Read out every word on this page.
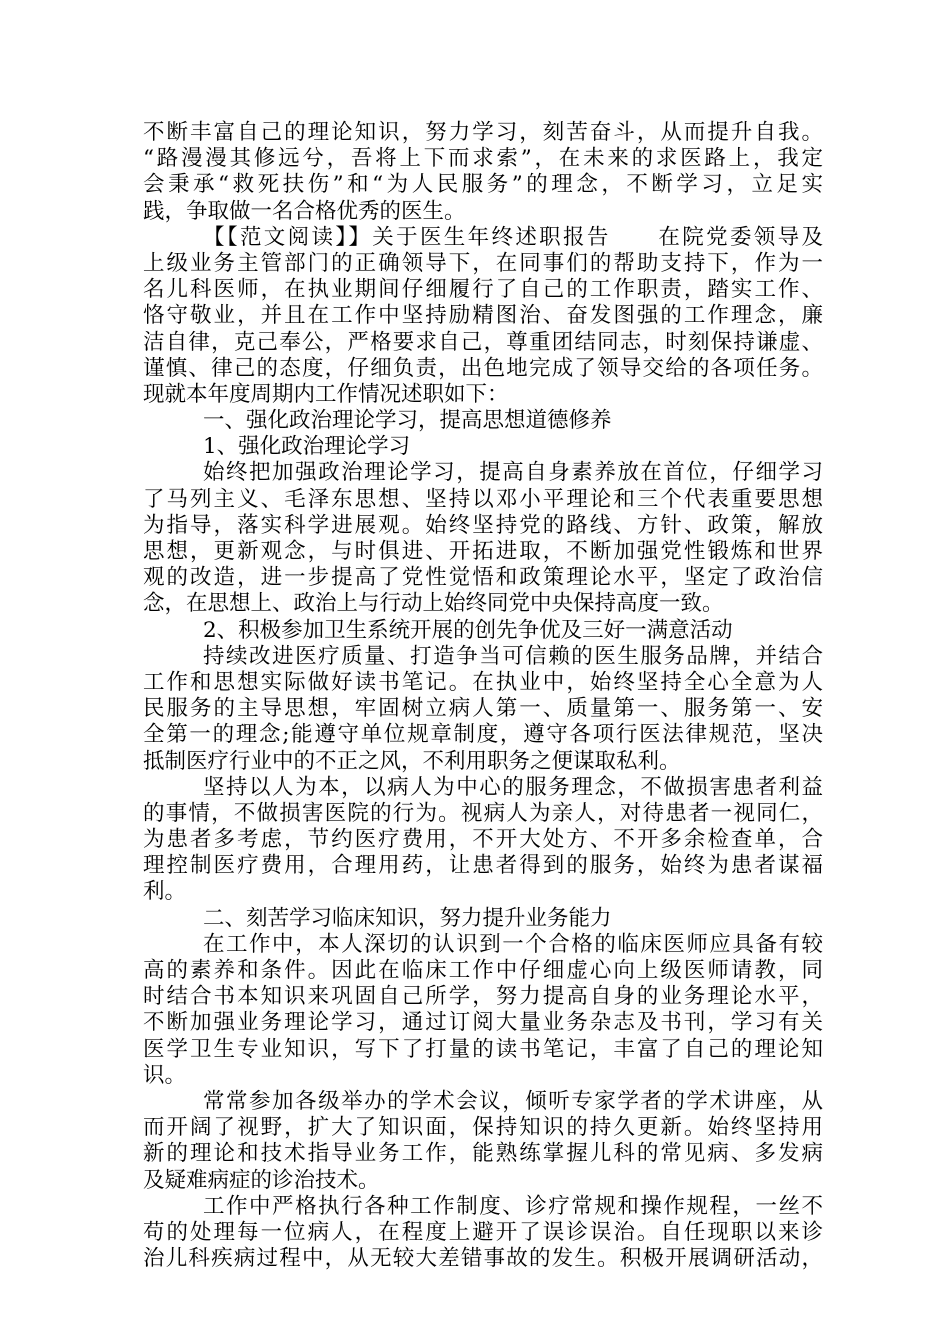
不断丰富自己的理论知识，努力学习，刻苦奋斗，从而提升自我。
“路漫漫其修远兮，吾将上下而求索”，在未来的求医路上，我定
会秉承“救死扶伤”和“为人民服务”的理念，不断学习，立足实
践，争取做一名合格优秀的医生。
【【范文阅读】】关于医生年终述职报告　　在院党委领导及
上级业务主管部门的正确领导下，在同事们的帮助支持下，作为一
名儿科医师，在执业期间仔细履行了自己的工作职责，踏实工作、
恪守敬业，并且在工作中坚持励精图治、奋发图强的工作理念，廉
洁自律，克己奉公，严格要求自己，尊重团结同志，时刻保持谦虚、
谨慎、律己的态度，仔细负责，出色地完成了领导交给的各项任务。
现就本年度周期内工作情况述职如下：
一、强化政治理论学习，提高思想道德修养
1、强化政治理论学习
始终把加强政治理论学习，提高自身素养放在首位，仔细学习
了马列主义、毛泽东思想、坚持以邓小平理论和三个代表重要思想
为指导，落实科学进展观。始终坚持党的路线、方针、政策，解放
思想，更新观念，与时俱进、开拓进取，不断加强党性锻炼和世界
观的改造，进一步提高了党性觉悟和政策理论水平，坚定了政治信
念，在思想上、政治上与行动上始终同党中央保持高度一致。
2、积极参加卫生系统开展的创先争优及三好一满意活动
持续改进医疗质量、打造争当可信赖的医生服务品牌，并结合
工作和思想实际做好读书笔记。在执业中，始终坚持全心全意为人
民服务的主导思想，牢固树立病人第一、质量第一、服务第一、安
全第一的理念;能遵守单位规章制度，遵守各项行医法律规范，坚决
抵制医疗行业中的不正之风，不利用职务之便谋取私利。
坚持以人为本，以病人为中心的服务理念，不做损害患者利益
的事情，不做损害医院的行为。视病人为亲人，对待患者一视同仁，
为患者多考虑，节约医疗费用，不开大处方、不开多余检查单，合
理控制医疗费用，合理用药，让患者得到的服务，始终为患者谋福
利。
二、刻苦学习临床知识，努力提升业务能力
在工作中，本人深切的认识到一个合格的临床医师应具备有较
高的素养和条件。因此在临床工作中仔细虚心向上级医师请教，同
时结合书本知识来巩固自己所学，努力提高自身的业务理论水平，
不断加强业务理论学习，通过订阅大量业务杂志及书刊，学习有关
医学卫生专业知识，写下了打量的读书笔记，丰富了自己的理论知
识。
常常参加各级举办的学术会议，倾听专家学者的学术讲座，从
而开阔了视野，扩大了知识面，保持知识的持久更新。始终坚持用
新的理论和技术指导业务工作，能熟练掌握儿科的常见病、多发病
及疑难病症的诊治技术。
工作中严格执行各种工作制度、诊疗常规和操作规程，一丝不
苟的处理每一位病人，在程度上避开了误诊误治。自任现职以来诊
治儿科疾病过程中，从无较大差错事故的发生。积极开展调研活动，
